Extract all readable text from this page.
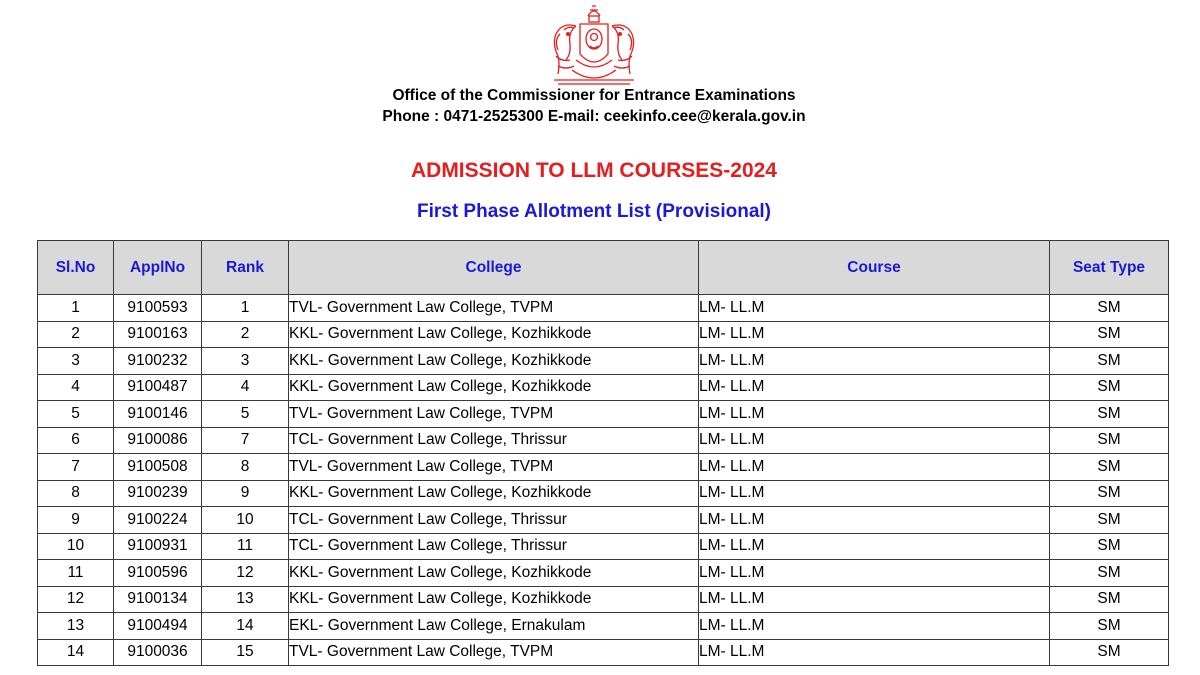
Office of the Commissioner for Entrance Examinations
Phone : 0471-2525300 E-mail: ceekinfo.cee@kerala.gov.in
ADMISSION TO LLM COURSES-2024
First Phase Allotment List (Provisional)
Sl.No	ApplNo	Rank	College	Course	Seat Type
1	9100593	1	TVL- Government Law College, TVPM	LM- LL.M	SM
2	9100163	2	KKL- Government Law College, Kozhikkode	LM- LL.M	SM
3	9100232	3	KKL- Government Law College, Kozhikkode	LM- LL.M	SM
4	9100487	4	KKL- Government Law College, Kozhikkode	LM- LL.M	SM
5	9100146	5	TVL- Government Law College, TVPM	LM- LL.M	SM
6	9100086	7	TCL- Government Law College, Thrissur	LM- LL.M	SM
7	9100508	8	TVL- Government Law College, TVPM	LM- LL.M	SM
8	9100239	9	KKL- Government Law College, Kozhikkode	LM- LL.M	SM
9	9100224	10	TCL- Government Law College, Thrissur	LM- LL.M	SM
10	9100931	11	TCL- Government Law College, Thrissur	LM- LL.M	SM
11	9100596	12	KKL- Government Law College, Kozhikkode	LM- LL.M	SM
12	9100134	13	KKL- Government Law College, Kozhikkode	LM- LL.M	SM
13	9100494	14	EKL- Government Law College, Ernakulam	LM- LL.M	SM
14	9100036	15	TVL- Government Law College, TVPM	LM- LL.M	SM
